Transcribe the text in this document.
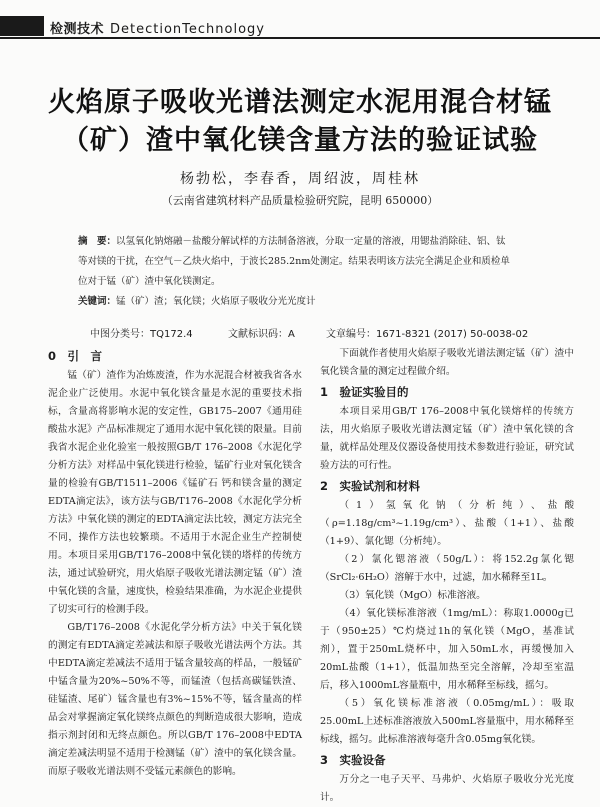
检测技术 DetectionTechnology
火焰原子吸收光谱法测定水泥用混合材锰
（矿）渣中氧化镁含量方法的验证试验
杨勃松，李春香，周绍波，周桂林
（云南省建筑材料产品质量检验研究院，昆明 650000）
摘　要：以氢氧化钠熔融－盐酸分解试样的方法制备溶液，分取一定量的溶液，用锶盐消除硅、铝、钛等对镁的干扰，在空气－乙炔火焰中，于波长285.2nm处测定。结果表明该方法完全满足企业和质检单位对于锰（矿）渣中氧化镁测定。
关键词：锰（矿）渣；氧化镁；火焰原子吸收分光光度计
中图分类号：TQ172.4	文献标识码：A	文章编号：1671-8321 (2017) 50-0038-02
0　引　言

锰（矿）渣作为冶炼废渣，作为水泥混合材被我省各水泥企业广泛使用。水泥中氧化镁含量是水泥的重要技术指标，含量高将影响水泥的安定性，GB175–2007《通用硅酸盐水泥》产品标准规定了通用水泥中氧化镁的限量。目前我省水泥企业化验室一般按照GB/T 176–2008《水泥化学分析方法》对样品中氧化镁进行检验，锰矿行业对氧化镁含量的检验有GB/T1511–2006《锰矿石 钙和镁含量的测定 EDTA滴定法》，该方法与GB/T176–2008《水泥化学分析方法》中氧化镁的测定的EDTA滴定法比较，测定方法完全不同，操作方法也较繁琐。不适用于水泥企业生产控制使用。本项目采用GB/T176–2008中氧化镁的塔样的传统方法，通过试验研究，用火焰原子吸收光谱法测定锰（矿）渣中氧化镁的含量，速度快，检验结果准确，为水泥企业提供了切实可行的检测手段。

GB/T176–2008《水泥化学分析方法》中关于氧化镁的测定有EDTA滴定差减法和原子吸收光谱法两个方法。其中EDTA滴定差减法不适用于锰含量较高的样品，一般锰矿中锰含量为20%~50%不等，而锰渣（包括高碳锰铁渣、硅锰渣、尾矿）锰含量也有3%~15%不等，锰含量高的样品会对掌握滴定氧化镁终点颜色的判断造成很大影响，造成指示剂封闭和无终点颜色。所以GB/T 176–2008中EDTA滴定差减法明显不适用于检测锰（矿）渣中的氧化镁含量。而原子吸收光谱法则不受锰元素颜色的影响。

下面就作者使用火焰原子吸收光谱法测定锰（矿）渣中氧化镁含量的测定过程做介绍。

1　验证实验目的

本项目采用GB/T 176–2008中氧化镁熔样的传统方法，用火焰原子吸收光谱法测定锰（矿）渣中氧化镁的含量，就样品处理及仪器设备使用技术参数进行验证，研究试验方法的可行性。

2　实验试剂和材料

（1）氢氧化钠（分析纯）、盐酸（ρ=1.18g/cm³~1.19g/cm³）、盐酸（1+1）、盐酸（1+9）、氯化锶（分析纯）。

（2）氯化锶溶液（50g/L）：将152.2g氯化锶（SrCl₂·6H₂O）溶解于水中，过滤，加水稀释至1L。

（3）氧化镁（MgO）标准溶液。

（4）氧化镁标准溶液（1mg/mL）：称取1.0000g已于（950±25）℃灼烧过1h的氧化镁（MgO，基准试剂），置于250mL烧杯中，加入50mL水，再缓慢加入20mL盐酸（1+1），低温加热至完全溶解，冷却至室温后，移入1000mL容量瓶中，用水稀释至标线，摇匀。

（5）氧化镁标准溶液（0.05mg/mL）：吸取25.00mL上述标准溶液放入500mL容量瓶中，用水稀释至标线，摇匀。此标准溶液每毫升含0.05mg氧化镁。

3　实验设备

万分之一电子天平、马弗炉、火焰原子吸收分光光度计。
